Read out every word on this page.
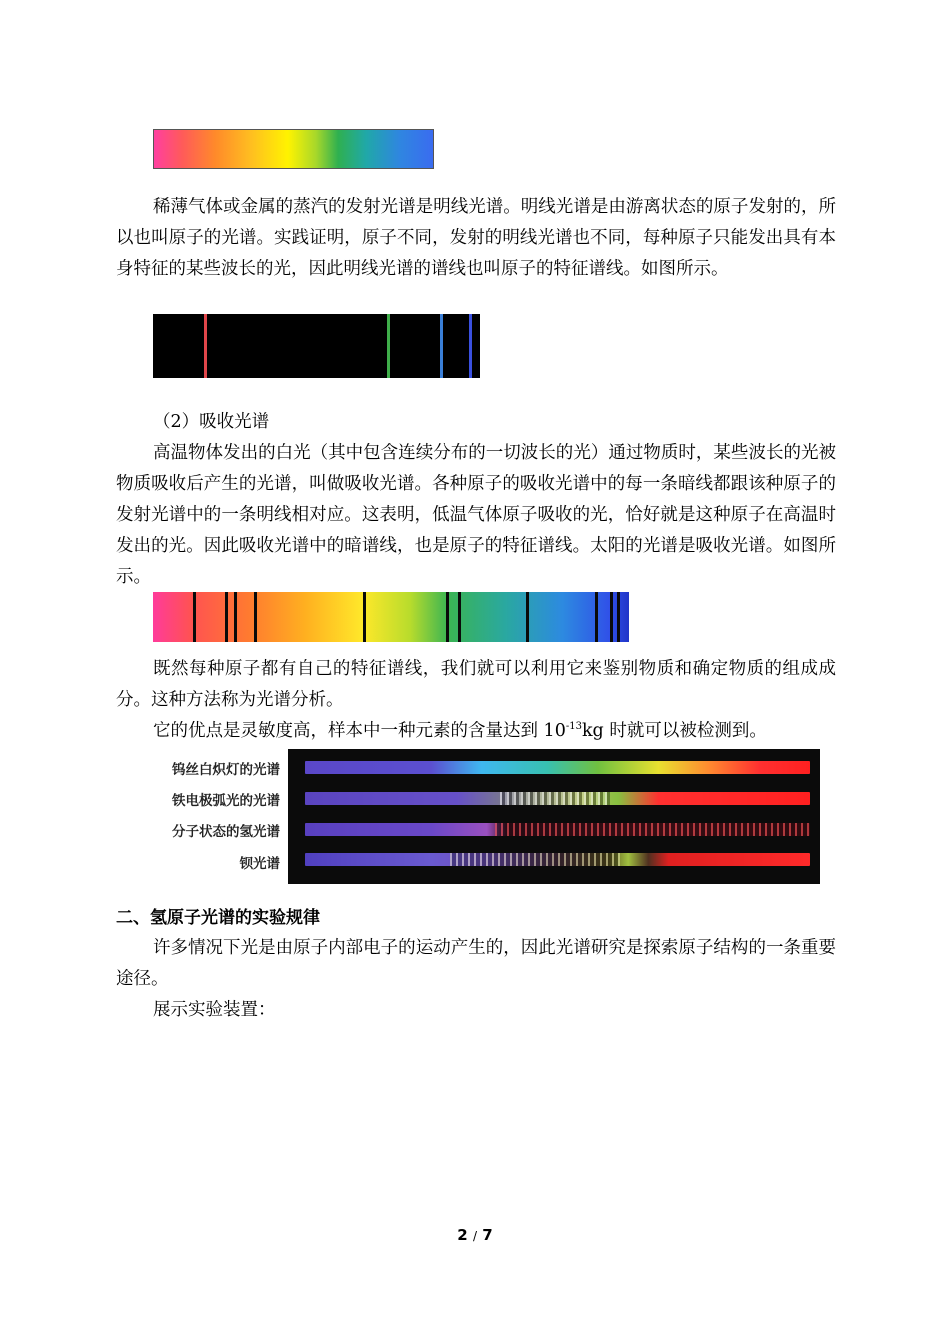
稀薄气体或金属的蒸汽的发射光谱是明线光谱。明线光谱是由游离状态的原子发射的，所以也叫原子的光谱。实践证明，原子不同，发射的明线光谱也不同，每种原子只能发出具有本身特征的某些波长的光，因此明线光谱的谱线也叫原子的特征谱线。如图所示。

（2）吸收光谱

高温物体发出的白光（其中包含连续分布的一切波长的光）通过物质时，某些波长的光被物质吸收后产生的光谱，叫做吸收光谱。各种原子的吸收光谱中的每一条暗线都跟该种原子的发射光谱中的一条明线相对应。这表明，低温气体原子吸收的光，恰好就是这种原子在高温时发出的光。因此吸收光谱中的暗谱线，也是原子的特征谱线。太阳的光谱是吸收光谱。如图所示。

既然每种原子都有自己的特征谱线，我们就可以利用它来鉴别物质和确定物质的组成成分。这种方法称为光谱分析。

它的优点是灵敏度高，样本中一种元素的含量达到 $10^{-13}kg$ 时就可以被检测到。

钨丝白炽灯的光谱
铁电极弧光的光谱
分子状态的氢光谱
钡光谱

二、氢原子光谱的实验规律

许多情况下光是由原子内部电子的运动产生的，因此光谱研究是探索原子结构的一条重要途径。

展示实验装置：

2 / 7
